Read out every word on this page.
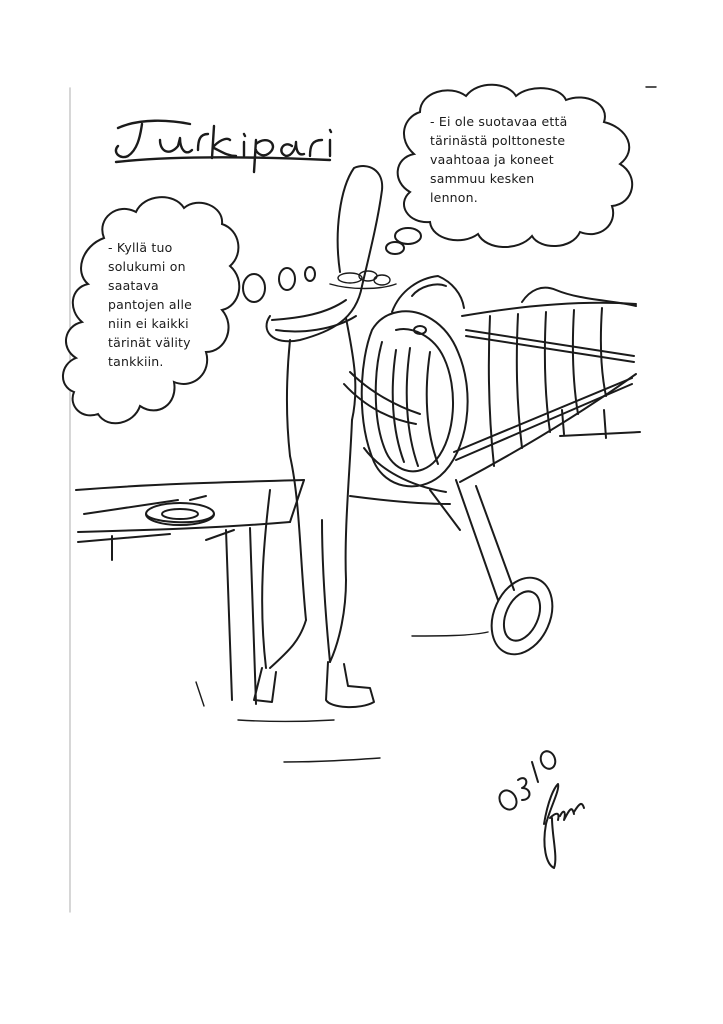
- Kyllä tuo
solukumi on
saatava
pantojen alle
niin ei kaikki
tärinät välity
tankkiin.
- Ei ole suotavaa että
tärinästä polttoneste
vaahtoaa ja koneet
sammuu kesken
lennon.
